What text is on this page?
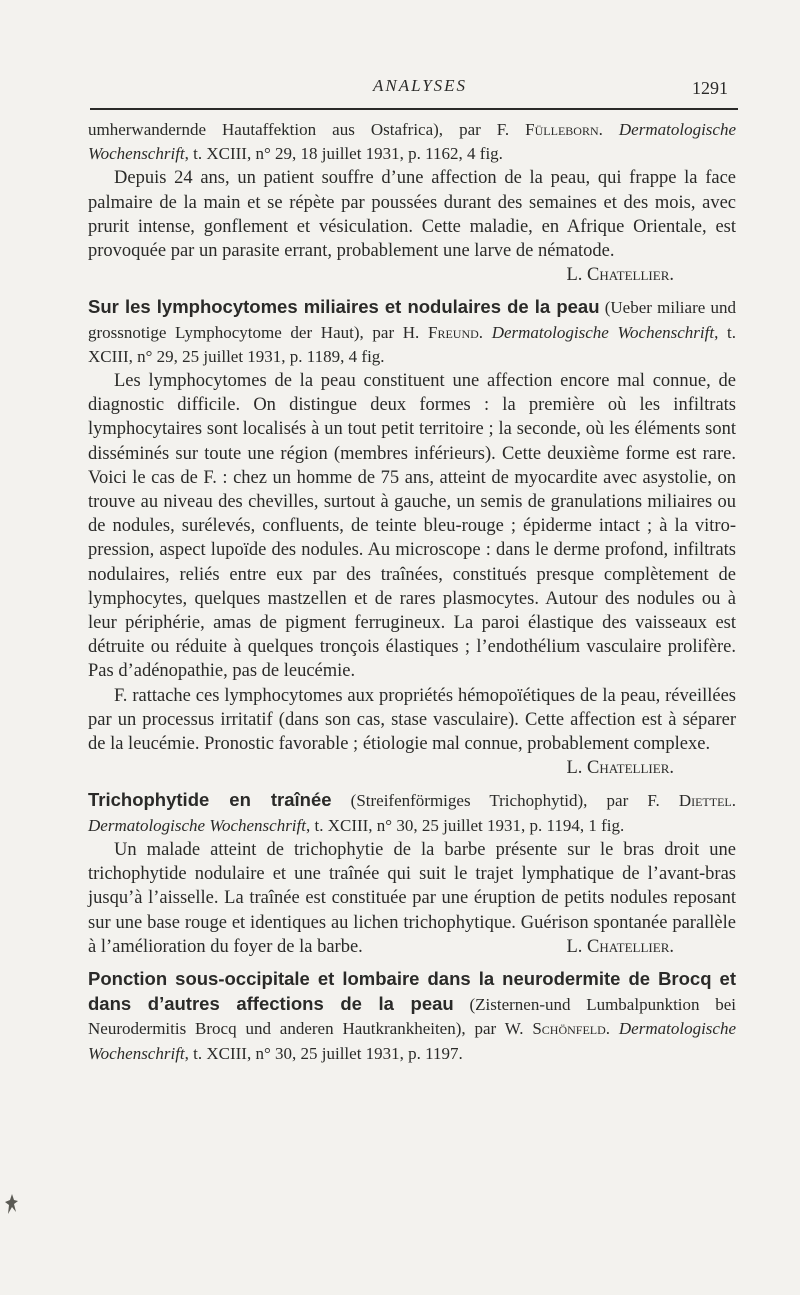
ANALYSES	1291

umherwandernde Hautaffektion aus Ostafrica), par F. Fülleborn. Dermatologische Wochenschrift, t. XCIII, n° 29, 18 juillet 1931, p. 1162, 4 fig.

Depuis 24 ans, un patient souffre d’une affection de la peau, qui frappe la face palmaire de la main et se répète par poussées durant des semaines et des mois, avec prurit intense, gonflement et vésiculation. Cette maladie, en Afrique Orientale, est provoquée par un parasite errant, probablement une larve de nématode.

L. Chatellier.

Sur les lymphocytomes miliaires et nodulaires de la peau (Ueber miliare und grossnotige Lymphocytome der Haut), par H. Freund. Dermatologische Wochenschrift, t. XCIII, n° 29, 25 juillet 1931, p. 1189, 4 fig.

Les lymphocytomes de la peau constituent une affection encore mal connue, de diagnostic difficile. On distingue deux formes : la première où les infiltrats lymphocytaires sont localisés à un tout petit territoire ; la seconde, où les éléments sont disséminés sur toute une région (membres inférieurs). Cette deuxième forme est rare. Voici le cas de F. : chez un homme de 75 ans, atteint de myocardite avec asystolie, on trouve au niveau des chevilles, surtout à gauche, un semis de granulations miliaires ou de nodules, surélevés, confluents, de teinte bleu-rouge ; épiderme intact ; à la vitro-pression, aspect lupoïde des nodules. Au microscope : dans le derme profond, infiltrats nodulaires, reliés entre eux par des traînées, constitués presque complètement de lymphocytes, quelques mastzellen et de rares plasmocytes. Autour des nodules ou à leur périphérie, amas de pigment ferrugineux. La paroi élastique des vaisseaux est détruite ou réduite à quelques tronçois élastiques ; l’endothélium vasculaire prolifère. Pas d’adénopathie, pas de leucémie.

F. rattache ces lymphocytomes aux propriétés hémopoïétiques de la peau, réveillées par un processus irritatif (dans son cas, stase vasculaire). Cette affection est à séparer de la leucémie. Pronostic favorable ; étiologie mal connue, probablement complexe.

L. Chatellier.

Trichophytide en traînée (Streifenförmiges Trichophytid), par F. Diettel. Dermatologische Wochenschrift, t. XCIII, n° 30, 25 juillet 1931, p. 1194, 1 fig.

Un malade atteint de trichophytie de la barbe présente sur le bras droit une trichophytide nodulaire et une traînée qui suit le trajet lymphatique de l’avant-bras jusqu’à l’aisselle. La traînée est constituée par une éruption de petits nodules reposant sur une base rouge et identiques au lichen trichophytique. Guérison spontanée parallèle à l’amélioration du foyer de la barbe.	L. Chatellier.

Ponction sous-occipitale et lombaire dans la neurodermite de Brocq et dans d’autres affections de la peau (Zisternen-und Lumbalpunktion bei Neurodermitis Brocq und anderen Hautkrankheiten), par W. Schönfeld. Dermatologische Wochenschrift, t. XCIII, n° 30, 25 juillet 1931, p. 1197.
